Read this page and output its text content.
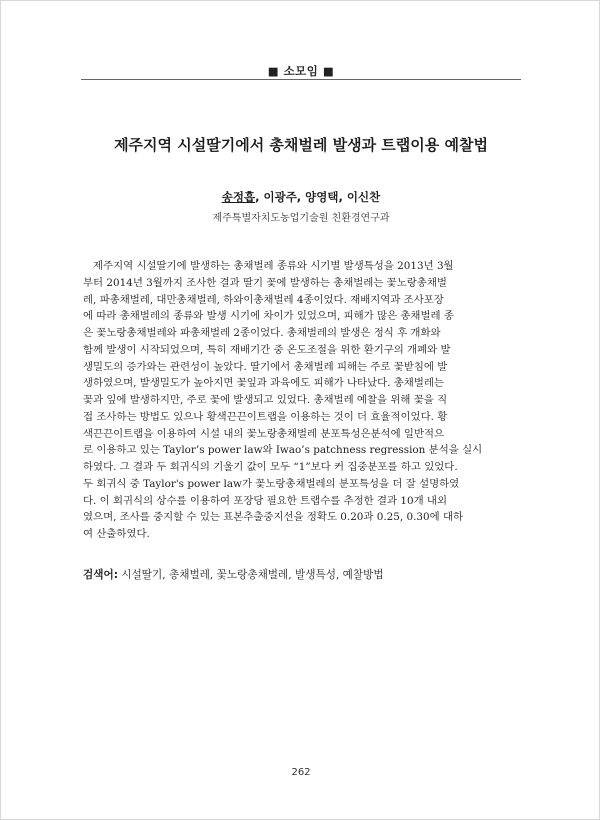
■ 소모임 ■
제주지역 시설딸기에서 총채벌레 발생과 트랩이용 예찰법
송정흡, 이광주, 양영택, 이신찬
제주특별자치도농업기술원 친환경연구과
제주지역 시설딸기에 발생하는 총채벌레 종류와 시기별 발생특성을 2013년 3월
부터 2014년 3월까지 조사한 결과 딸기 꽃에 발생하는 총채벌레는 꽃노랑총채벌
레, 파총채벌레, 대만총채벌레, 하와이총채벌레 4종이었다. 재배지역과 조사포장
에 따라 총채벌레의 종류와 발생 시기에 차이가 있었으며, 피해가 많은 총채벌레 종
은 꽃노랑총채벌레와 파총채벌레 2종이었다. 총채벌레의 발생은 정식 후 개화와
함께 발생이 시작되었으며, 특히 재배기간 중 온도조절을 위한 환기구의 개폐와 발
생밀도의 증가와는 관련성이 높았다. 딸기에서 총채벌레 피해는 주로 꽃받침에 발
생하였으며, 발생밀도가 높아지면 꽃잎과 과육에도 피해가 나타났다. 총채벌레는
꽃과 잎에 발생하지만, 주로 꽃에 발생되고 있었다. 총채벌레 예찰을 위해 꽃을 직
접 조사하는 방법도 있으나 황색끈끈이트랩을 이용하는 것이 더 효율적이었다. 황
색끈끈이트랩을 이용하여 시설 내의 꽃노랑총채벌레 분포특성은분석에 일반적으
로 이용하고 있는 Taylor’s power law와 Iwao’s patchness regression 분석을 실시
하였다. 그 결과 두 회귀식의 기울기 값이 모두 “1”보다 커 집중분포를 하고 있었다.
두 회귀식 중 Taylor's power law가 꽃노랑총채벌레의 분포특성을 더 잘 설명하였
다. 이 회귀식의 상수를 이용하여 포장당 필요한 트랩수를 추정한 결과 10개 내외
였으며, 조사를 중지할 수 있는 표본추출중지선을 정확도 0.20과 0.25, 0.30에 대하
여 산출하였다.
검색어: 시설딸기, 총채벌레, 꽃노랑총채벌레, 발생특성, 예찰방법
262
